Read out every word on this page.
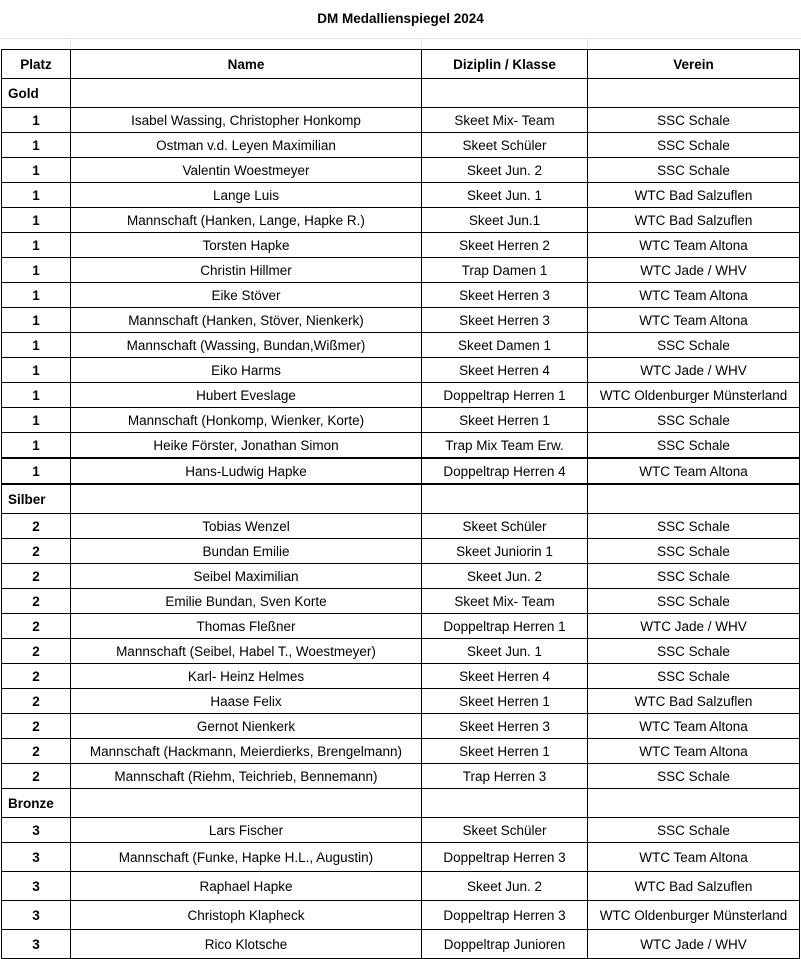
DM Medallienspiegel 2024
Platz	Name	Diziplin / Klasse	Verein
Gold			
1	Isabel Wassing, Christopher Honkomp	Skeet Mix- Team	SSC Schale
1	Ostman v.d. Leyen Maximilian	Skeet Schüler	SSC Schale
1	Valentin Woestmeyer	Skeet Jun. 2	SSC Schale
1	Lange Luis	Skeet Jun. 1	WTC Bad Salzuflen
1	Mannschaft (Hanken, Lange, Hapke R.)	Skeet Jun.1	WTC Bad Salzuflen
1	Torsten Hapke	Skeet Herren 2	WTC Team Altona
1	Christin Hillmer	Trap Damen 1	WTC Jade / WHV
1	Eike Stöver	Skeet Herren 3	WTC Team Altona
1	Mannschaft (Hanken, Stöver, Nienkerk)	Skeet Herren 3	WTC Team Altona
1	Mannschaft (Wassing, Bundan,Wißmer)	Skeet Damen 1	SSC Schale
1	Eiko Harms	Skeet Herren 4	WTC Jade / WHV
1	Hubert Eveslage	Doppeltrap Herren 1	WTC Oldenburger Münsterland
1	Mannschaft (Honkomp, Wienker, Korte)	Skeet Herren 1	SSC Schale
1	Heike Förster, Jonathan Simon	Trap Mix Team Erw.	SSC Schale
1	Hans-Ludwig Hapke	Doppeltrap Herren 4	WTC Team Altona
Silber			
2	Tobias Wenzel	Skeet Schüler	SSC Schale
2	Bundan Emilie	Skeet Juniorin 1	SSC Schale
2	Seibel Maximilian	Skeet Jun. 2	SSC Schale
2	Emilie Bundan, Sven Korte	Skeet Mix- Team	SSC Schale
2	Thomas Fleßner	Doppeltrap Herren 1	WTC Jade / WHV
2	Mannschaft (Seibel, Habel T., Woestmeyer)	Skeet Jun. 1	SSC Schale
2	Karl- Heinz Helmes	Skeet Herren 4	SSC Schale
2	Haase Felix	Skeet Herren 1	WTC Bad Salzuflen
2	Gernot Nienkerk	Skeet Herren 3	WTC Team Altona
2	Mannschaft (Hackmann, Meierdierks, Brengelmann)	Skeet Herren 1	WTC Team Altona
2	Mannschaft (Riehm, Teichrieb, Bennemann)	Trap Herren 3	SSC Schale
Bronze			
3	Lars Fischer	Skeet Schüler	SSC Schale
3	Mannschaft (Funke, Hapke H.L., Augustin)	Doppeltrap Herren 3	WTC Team Altona
3	Raphael Hapke	Skeet Jun. 2	WTC Bad Salzuflen
3	Christoph Klapheck	Doppeltrap Herren 3	WTC Oldenburger Münsterland
3	Rico Klotsche	Doppeltrap Junioren	WTC Jade / WHV
